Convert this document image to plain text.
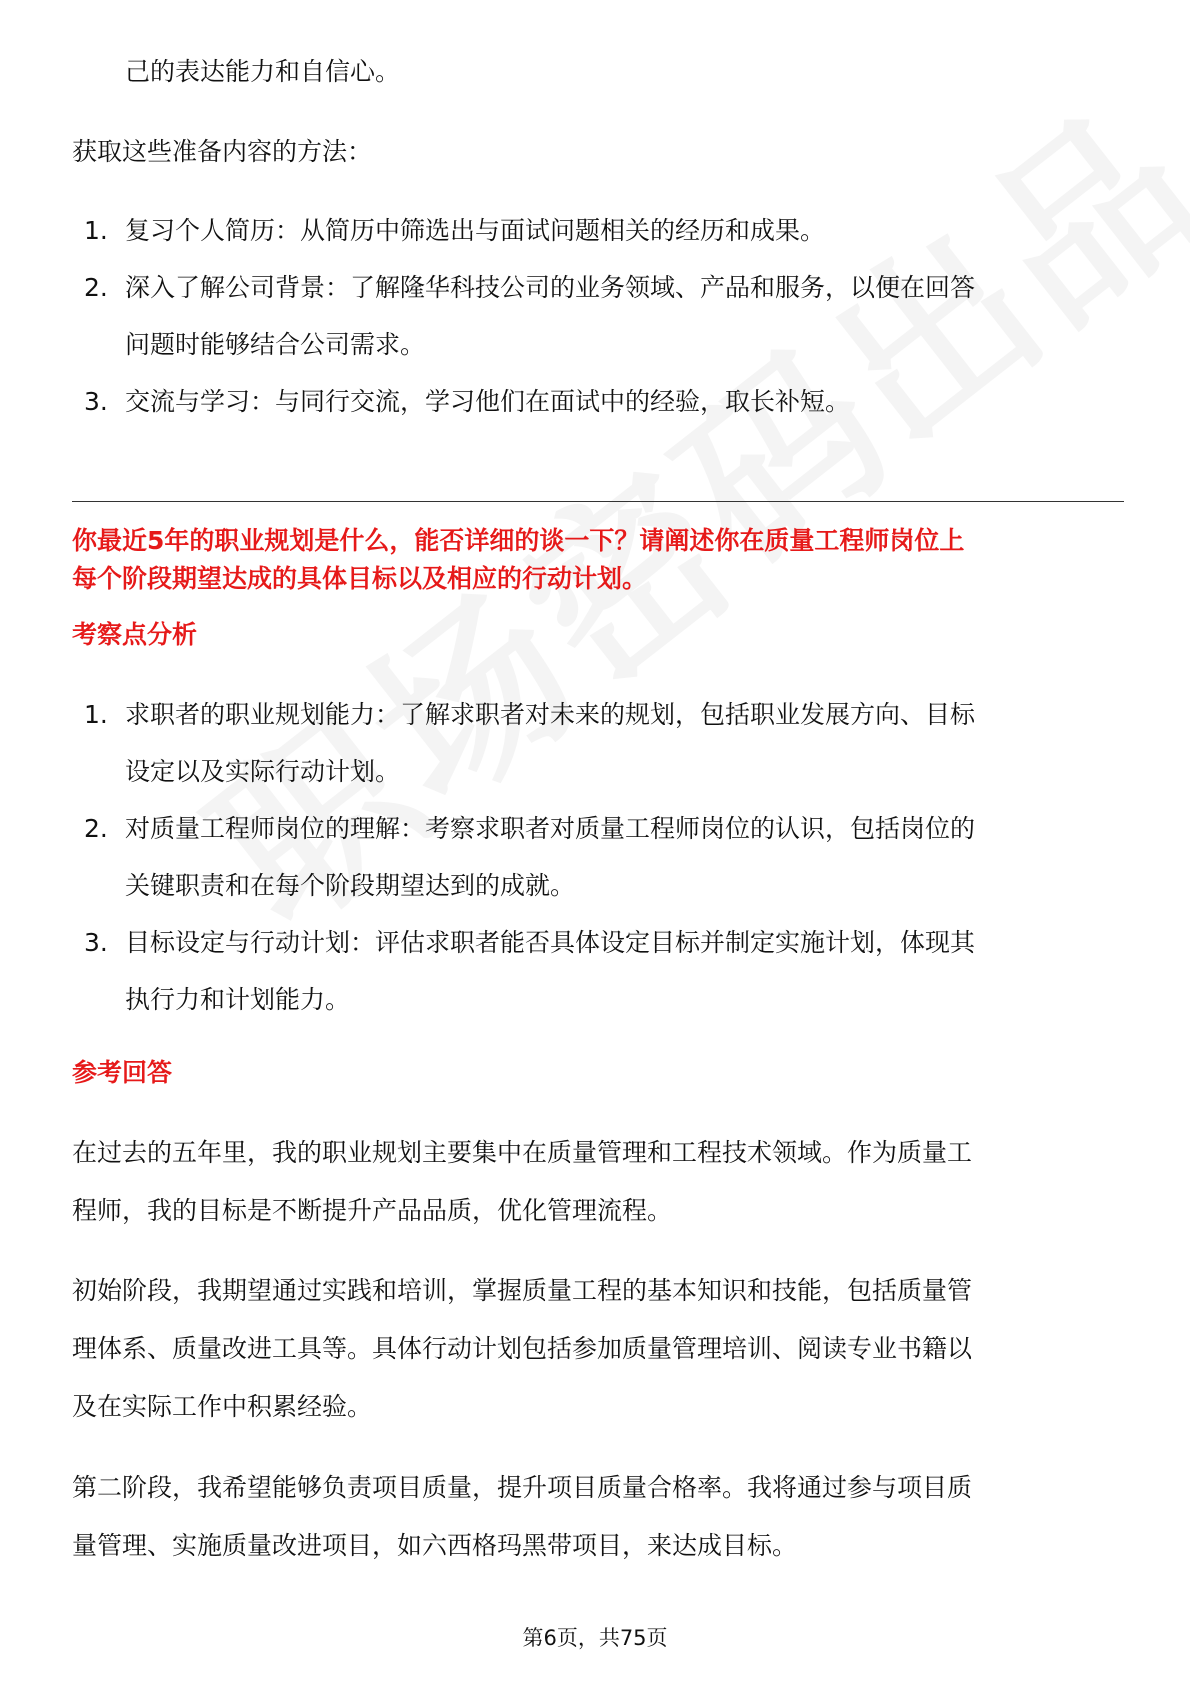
己的表达能力和自信心。

获取这些准备内容的方法：

1. 复习个人简历：从简历中筛选出与面试问题相关的经历和成果。
2. 深入了解公司背景：了解隆华科技公司的业务领域、产品和服务，以便在回答
问题时能够结合公司需求。
3. 交流与学习：与同行交流，学习他们在面试中的经验，取长补短。
你最近5年的职业规划是什么，能否详细的谈一下？请阐述你在质量工程师岗位上
每个阶段期望达成的具体目标以及相应的行动计划。
考察点分析
1. 求职者的职业规划能力：了解求职者对未来的规划，包括职业发展方向、目标
设定以及实际行动计划。
2. 对质量工程师岗位的理解：考察求职者对质量工程师岗位的认识，包括岗位的
关键职责和在每个阶段期望达到的成就。
3. 目标设定与行动计划：评估求职者能否具体设定目标并制定实施计划，体现其
执行力和计划能力。
参考回答
在过去的五年里，我的职业规划主要集中在质量管理和工程技术领域。作为质量工
程师，我的目标是不断提升产品品质，优化管理流程。
初始阶段，我期望通过实践和培训，掌握质量工程的基本知识和技能，包括质量管
理体系、质量改进工具等。具体行动计划包括参加质量管理培训、阅读专业书籍以
及在实际工作中积累经验。
第二阶段，我希望能够负责项目质量，提升项目质量合格率。我将通过参与项目质
量管理、实施质量改进项目，如六西格玛黑带项目，来达成目标。
第6页，共75页
